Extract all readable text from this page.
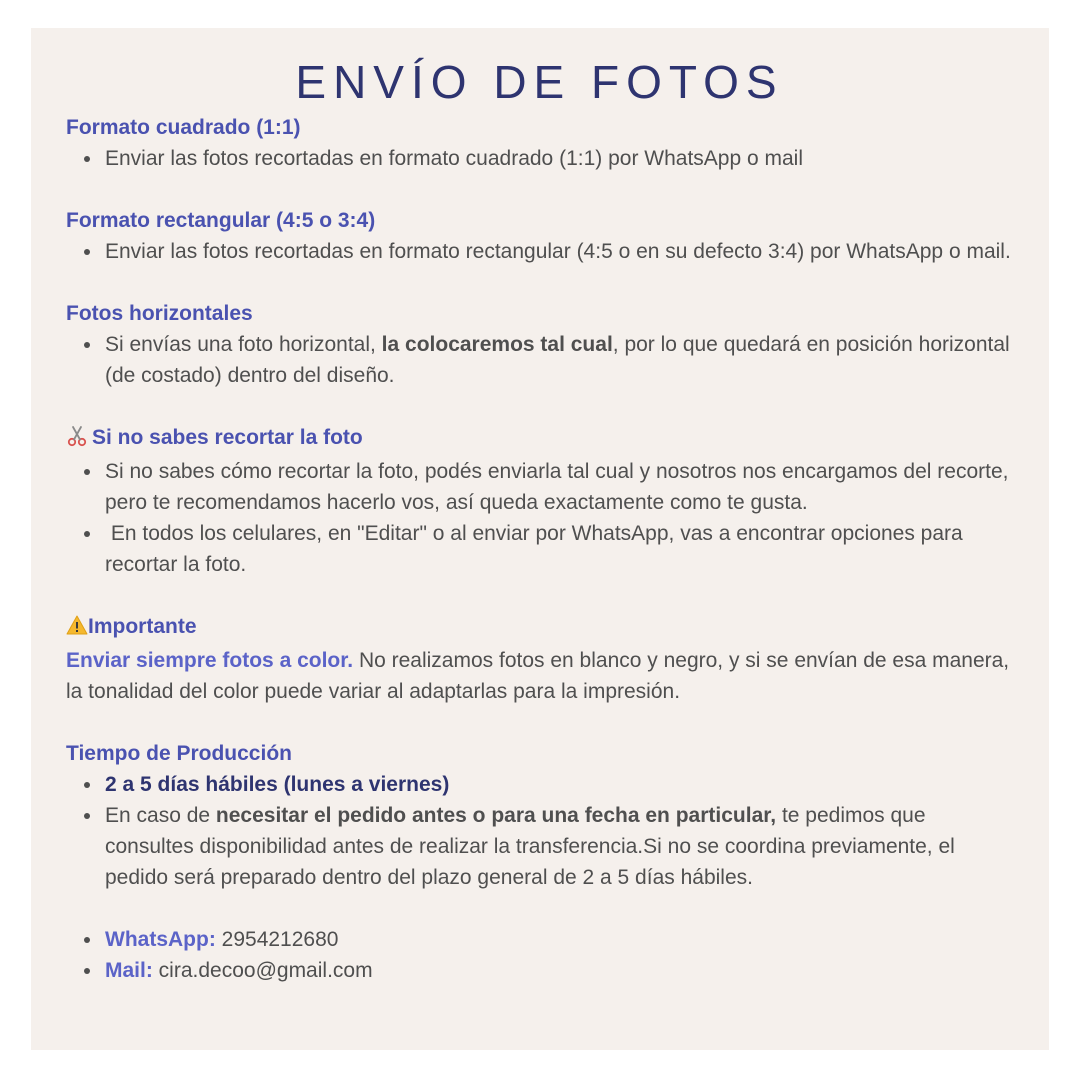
ENVÍO DE FOTOS

Formato cuadrado (1:1)

Enviar las fotos recortadas en formato cuadrado (1:1) por WhatsApp o mail

Formato rectangular (4:5 o 3:4)

Enviar las fotos recortadas en formato rectangular (4:5 o en su defecto 3:4) por WhatsApp o mail.

Fotos horizontales

Si envías una foto horizontal, la colocaremos tal cual, por lo que quedará en posición horizontal (de costado) dentro del diseño.

Si no sabes recortar la foto

Si no sabes cómo recortar la foto, podés enviarla tal cual y nosotros nos encargamos del recorte, pero te recomendamos hacerlo vos, así queda exactamente como te gusta.
En todos los celulares, en "Editar" o al enviar por WhatsApp, vas a encontrar opciones para recortar la foto.

Importante

Enviar siempre fotos a color. No realizamos fotos en blanco y negro, y si se envían de esa manera, la tonalidad del color puede variar al adaptarlas para la impresión.

Tiempo de Producción

2 a 5 días hábiles (lunes a viernes)
En caso de necesitar el pedido antes o para una fecha en particular, te pedimos que consultes disponibilidad antes de realizar la transferencia.Si no se coordina previamente, el pedido será preparado dentro del plazo general de 2 a 5 días hábiles.
WhatsApp: 2954212680
Mail: cira.decoo@gmail.com
